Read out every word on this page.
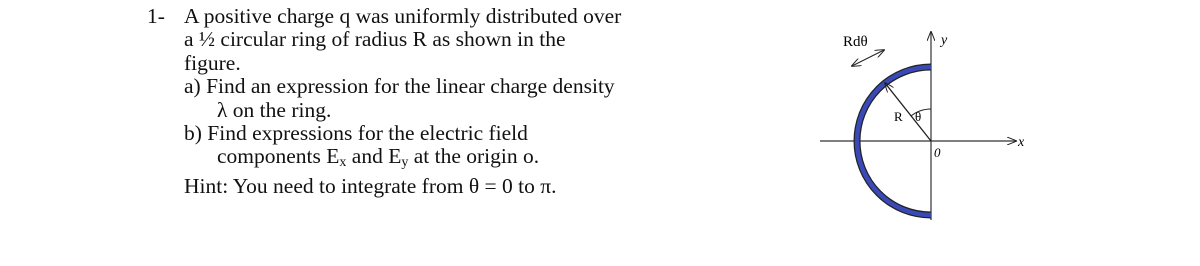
1- A positive charge q was uniformly distributed over
a ½ circular ring of radius R as shown in the
figure.
a) Find an expression for the linear charge density
λ on the ring.
b) Find expressions for the electric field
components $E_x$ and $E_y$ at the origin o.
Hint: You need to integrate from θ = 0 to π.
Rdθ	y
x
R θ
0
